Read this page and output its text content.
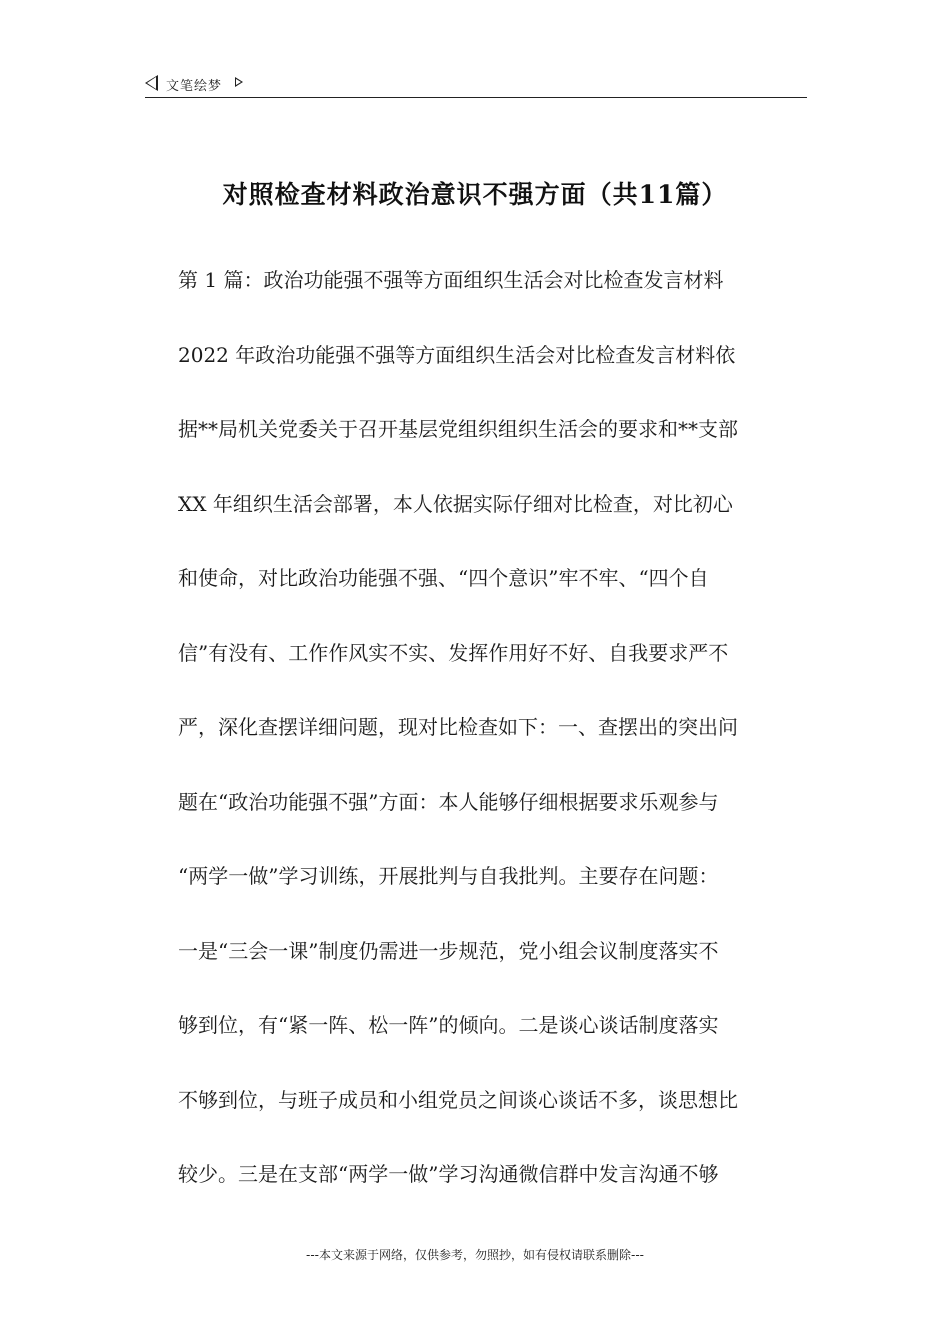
文笔绘梦
对照检查材料政治意识不强方面（共11篇）
第 1 篇：政治功能强不强等方面组织生活会对比检查发言材料
2022 年政治功能强不强等方面组织生活会对比检查发言材料依
据**局机关党委关于召开基层党组织组织生活会的要求和**支部
XX 年组织生活会部署，本人依据实际仔细对比检查，对比初心
和使命，对比政治功能强不强、“四个意识”牢不牢、“四个自
信”有没有、工作作风实不实、发挥作用好不好、自我要求严不
严，深化查摆详细问题，现对比检查如下：一、查摆出的突出问
题在“政治功能强不强”方面：本人能够仔细根据要求乐观参与
“两学一做”学习训练，开展批判与自我批判。主要存在问题：
一是“三会一课”制度仍需进一步规范，党小组会议制度落实不
够到位，有“紧一阵、松一阵”的倾向。二是谈心谈话制度落实
不够到位，与班子成员和小组党员之间谈心谈话不多，谈思想比
较少。三是在支部“两学一做”学习沟通微信群中发言沟通不够
---本文来源于网络，仅供参考，勿照抄，如有侵权请联系删除---
